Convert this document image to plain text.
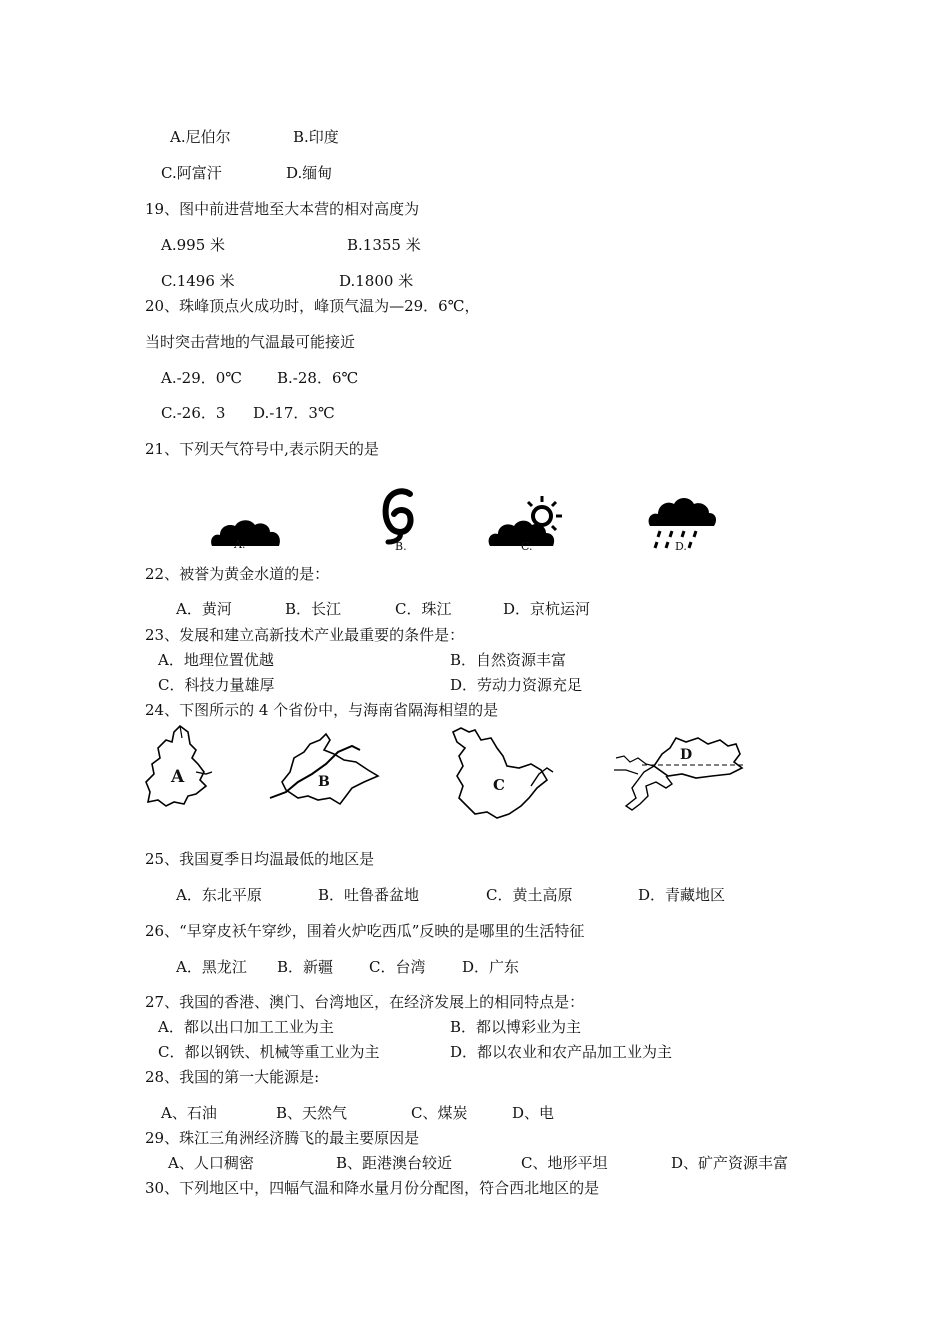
A.尼伯尔	B.印度
C.阿富汗	D.缅甸
19、图中前进营地至大本营的相对高度为
A.995 米	B.1355 米
C.1496 米	D.1800 米
20、珠峰顶点火成功时，峰顶气温为—29．6℃，
当时突击营地的气温最可能接近
A.-29．0℃ B.-28．6℃
C.-26．3 D.-17．3℃
21、下列天气符号中,表示阴天的是
A.	B.	C.	D.
22、被誉为黄金水道的是：
A．黄河	B．长江	C．珠江	D．京杭运河
23、发展和建立高新技术产业最重要的条件是：
A．地理位置优越	B．自然资源丰富
C．科技力量雄厚	D．劳动力资源充足
24、下图所示的 4 个省份中，与海南省隔海相望的是
A	B	C
D
25、我国夏季日均温最低的地区是
A．东北平原	B．吐鲁番盆地	C．黄土高原	D．青藏地区
26、“早穿皮袄午穿纱，围着火炉吃西瓜”反映的是哪里的生活特征
A．黑龙江 B．新疆 C．台湾 D．广东
27、我国的香港、澳门、台湾地区，在经济发展上的相同特点是：
A．都以出口加工工业为主	B．都以博彩业为主
C．都以钢铁、机械等重工业为主	D．都以农业和农产品加工业为主
28、我国的第一大能源是:
A、石油	B、天然气	C、煤炭	D、电
29、珠江三角洲经济腾飞的最主要原因是
A、人口稠密	B、距港澳台较近	C、地形平坦	D、矿产资源丰富
30、下列地区中，四幅气温和降水量月份分配图，符合西北地区的是
